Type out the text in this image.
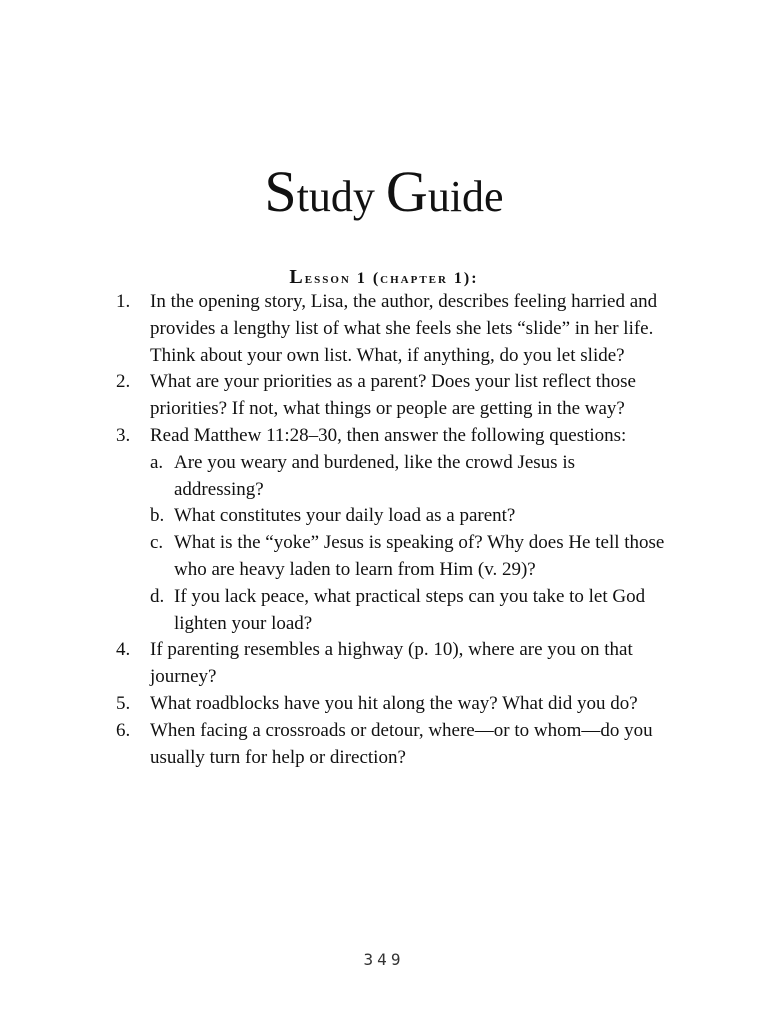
Study Guide
Lesson 1 (chapter 1):
1. In the opening story, Lisa, the author, describes feeling harried and provides a lengthy list of what she feels she lets “slide” in her life. Think about your own list. What, if anything, do you let slide?
2. What are your priorities as a parent? Does your list reflect those priorities? If not, what things or people are getting in the way?
3. Read Matthew 11:28–30, then answer the following questions:
a. Are you weary and burdened, like the crowd Jesus is addressing?
b. What constitutes your daily load as a parent?
c. What is the “yoke” Jesus is speaking of? Why does He tell those who are heavy laden to learn from Him (v. 29)?
d. If you lack peace, what practical steps can you take to let God lighten your load?
4. If parenting resembles a highway (p. 10), where are you on that journey?
5. What roadblocks have you hit along the way? What did you do?
6. When facing a crossroads or detour, where—or to whom—do you usually turn for help or direction?
349
